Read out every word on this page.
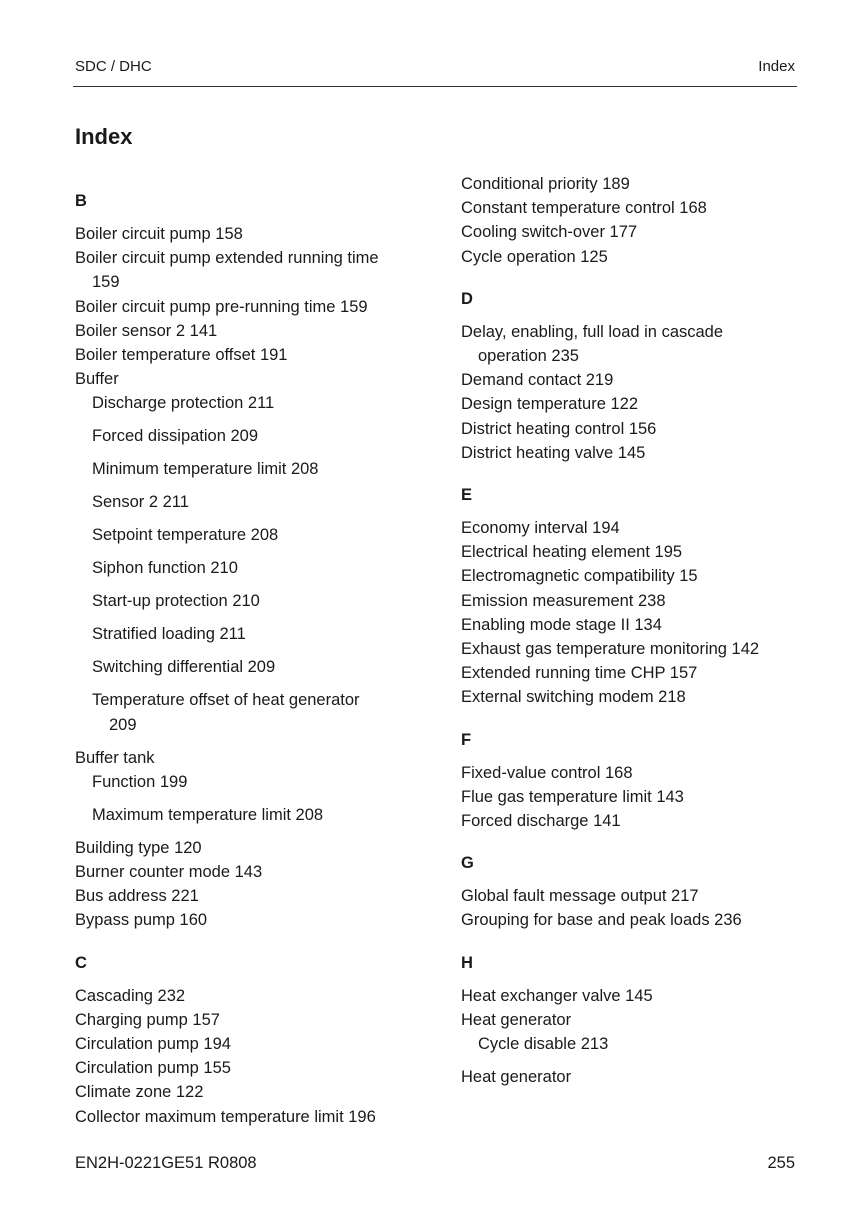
SDC / DHC	Index
Index
B
Boiler circuit pump 158
Boiler circuit pump extended running time
159
Boiler circuit pump pre-running time 159
Boiler sensor 2 141
Boiler temperature offset 191
Buffer
Discharge protection 211
Forced dissipation 209
Minimum temperature limit 208
Sensor 2 211
Setpoint temperature 208
Siphon function 210
Start-up protection 210
Stratified loading 211
Switching differential 209
Temperature offset of heat generator
209
Buffer tank
Function 199
Maximum temperature limit 208
Building type 120
Burner counter mode 143
Bus address 221
Bypass pump 160
C
Cascading 232
Charging pump 157
Circulation pump 194
Circulation pump 155
Climate zone 122
Collector maximum temperature limit 196
Conditional priority 189
Constant temperature control 168
Cooling switch-over 177
Cycle operation 125
D
Delay, enabling, full load in cascade
operation 235
Demand contact 219
Design temperature 122
District heating control 156
District heating valve 145
E
Economy interval 194
Electrical heating element 195
Electromagnetic compatibility 15
Emission measurement 238
Enabling mode stage II 134
Exhaust gas temperature monitoring 142
Extended running time CHP 157
External switching modem 218
F
Fixed-value control 168
Flue gas temperature limit 143
Forced discharge 141
G
Global fault message output 217
Grouping for base and peak loads 236
H
Heat exchanger valve 145
Heat generator
Cycle disable 213
Heat generator
EN2H-0221GE51 R0808	255
